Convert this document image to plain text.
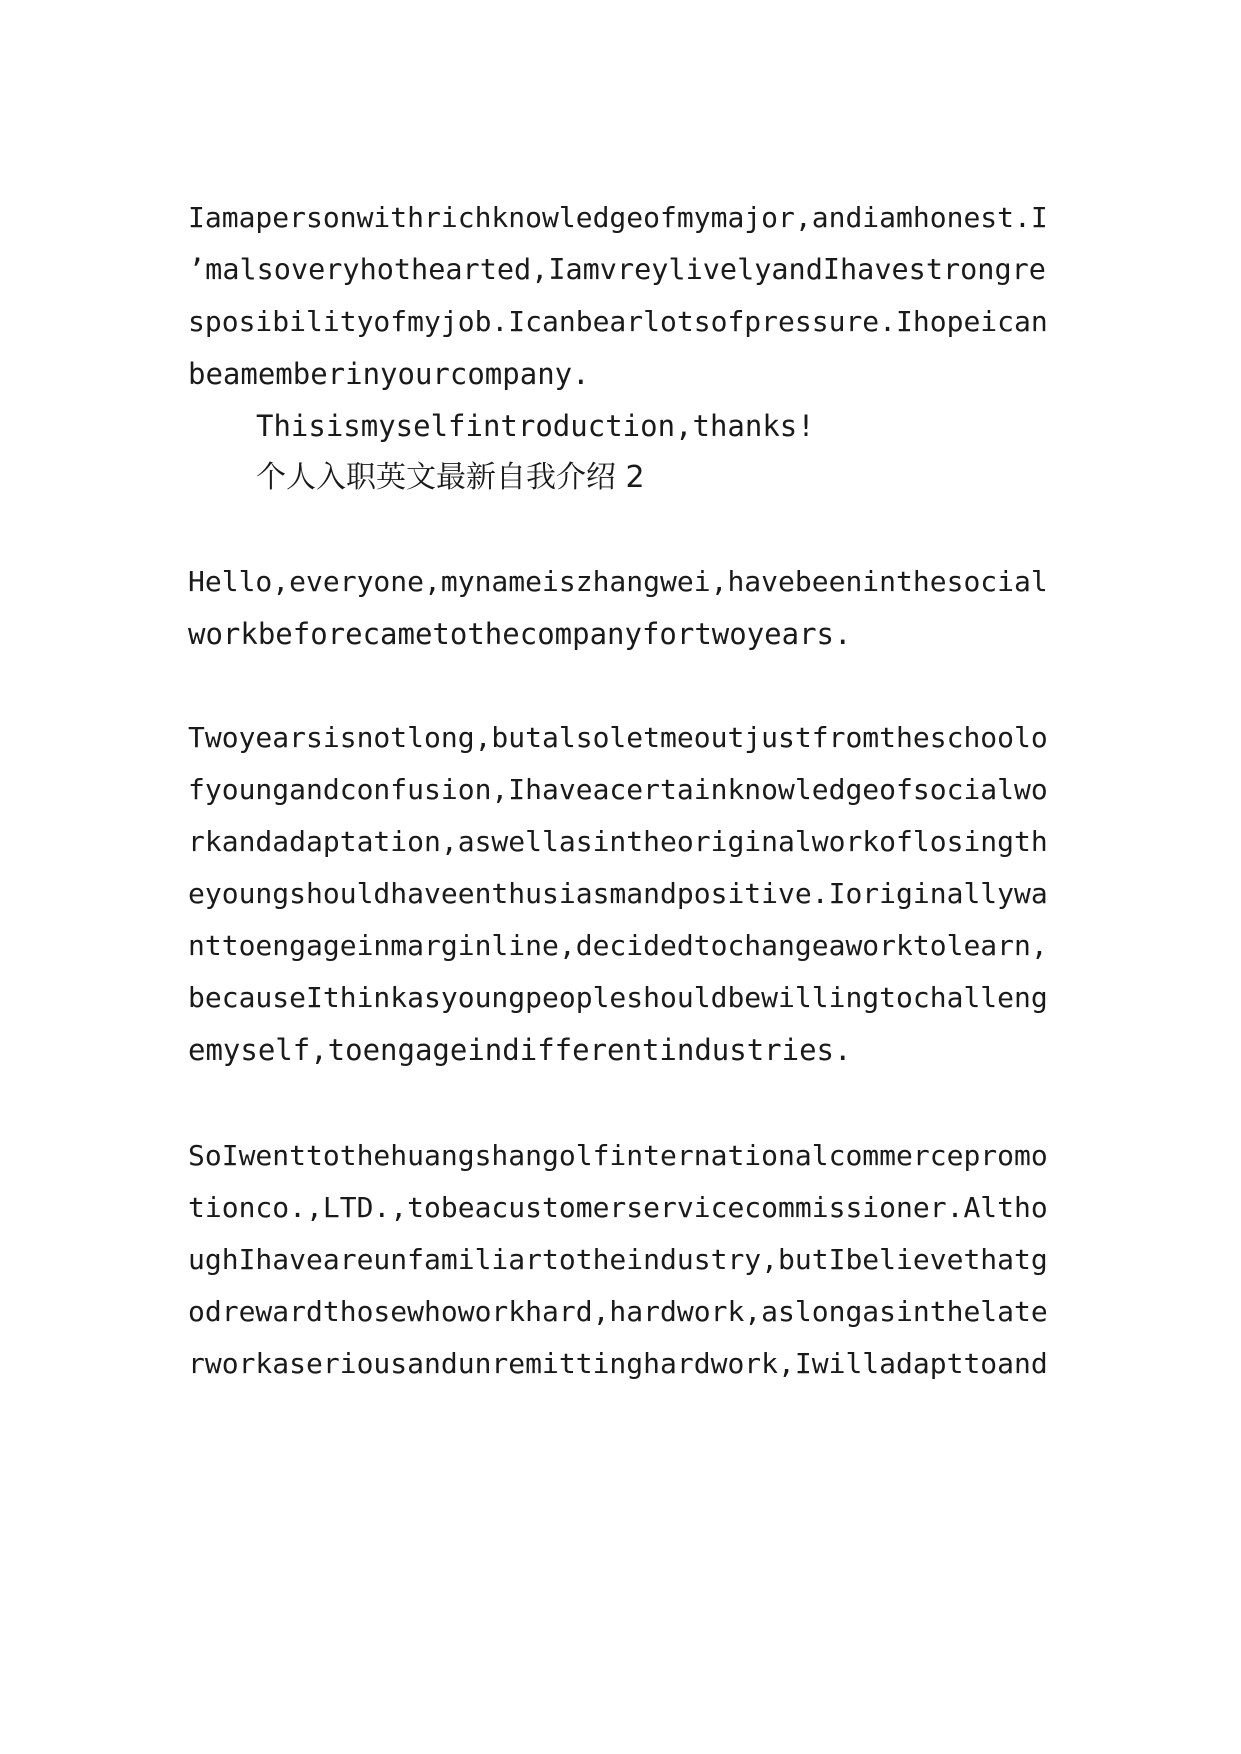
Iamapersonwithrichknowledgeofmymajor,andiamhonest.I
’malsoveryhothearted,IamvreylivelyandIhavestrongre
sposibilityofmyjob.Icanbearlotsofpressure.Ihopeican
beamemberinyourcompany.
Thisismyselfintroduction,thanks!
个人入职英文最新自我介绍 2
Hello,everyone,mynameiszhangwei,havebeeninthesocial
workbeforecametothecompanyfortwoyears.
Twoyearsisnotlong,butalsoletmeoutjustfromtheschoolo
fyoungandconfusion,Ihaveacertainknowledgeofsocialwo
rkandadaptation,aswellasintheoriginalworkoflosingth
eyoungshouldhaveenthusiasmandpositive.Ioriginallywa
nttoengageinmarginline,decidedtochangeaworktolearn,
becauseIthinkasyoungpeopleshouldbewillingtochalleng
emyself,toengageindifferentindustries.
SoIwenttothehuangshangolfinternationalcommercepromo
tionco.,LTD.,tobeacustomerservicecommissioner.Altho
ughIhaveareunfamiliartotheindustry,butIbelievethatg
odrewardthosewhoworkhard,hardwork,aslongasinthelate
rworkaseriousandunremittinghardwork,Iwilladapttoand
